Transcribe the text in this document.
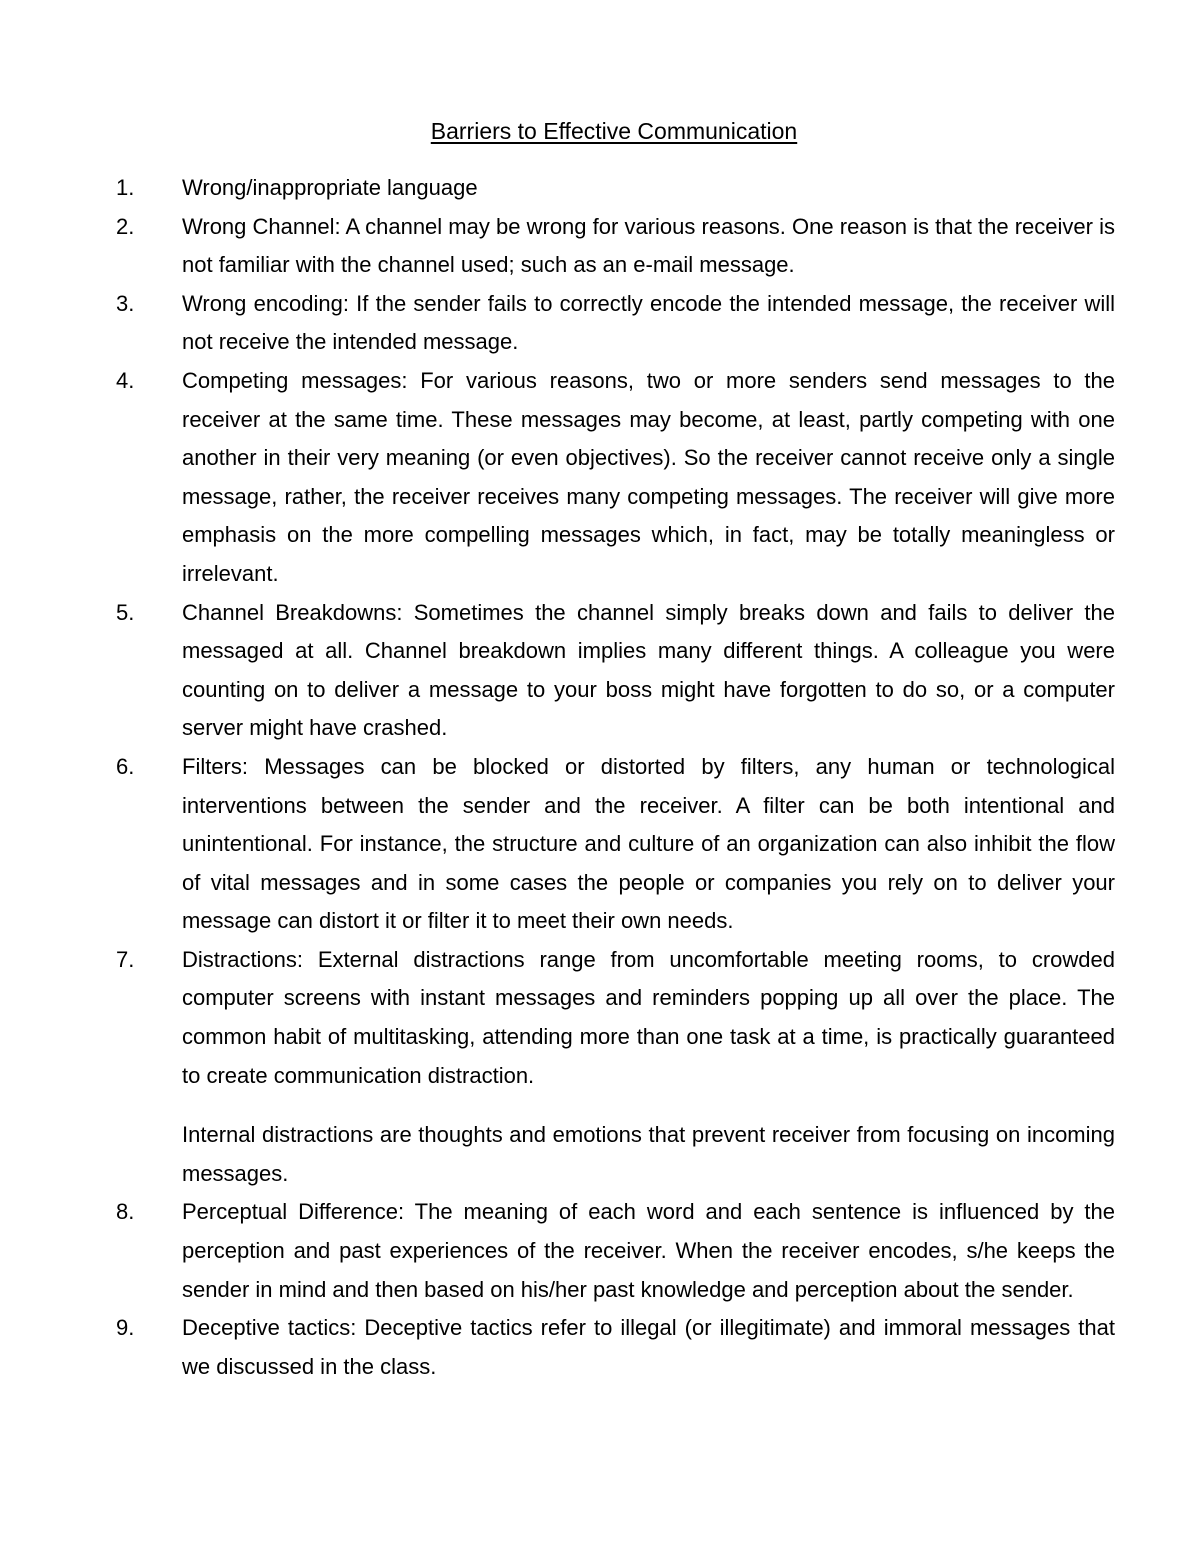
Barriers to Effective Communication
1.	Wrong/inappropriate language
2.	Wrong Channel: A channel may be wrong for various reasons. One reason is that the receiver is not familiar with the channel used; such as an e-mail message.
3.	Wrong encoding: If the sender fails to correctly encode the intended message, the receiver will not receive the intended message.
4.	Competing messages: For various reasons, two or more senders send messages to the receiver at the same time. These messages may become, at least, partly competing with one another in their very meaning (or even objectives). So the receiver cannot receive only a single message, rather, the receiver receives many competing messages. The receiver will give more emphasis on the more compelling messages which, in fact, may be totally meaningless or irrelevant.
5.	Channel Breakdowns: Sometimes the channel simply breaks down and fails to deliver the messaged at all. Channel breakdown implies many different things. A colleague you were counting on to deliver a message to your boss might have forgotten to do so, or a computer server might have crashed.
6.	Filters: Messages can be blocked or distorted by filters, any human or technological interventions between the sender and the receiver. A filter can be both intentional and unintentional. For instance, the structure and culture of an organization can also inhibit the flow of vital messages and in some cases the people or companies you rely on to deliver your message can distort it or filter it to meet their own needs.
7.	Distractions: External distractions range from uncomfortable meeting rooms, to crowded computer screens with instant messages and reminders popping up all over the place. The common habit of multitasking, attending more than one task at a time, is practically guaranteed to create communication distraction.
Internal distractions are thoughts and emotions that prevent receiver from focusing on incoming messages.
8.	Perceptual Difference: The meaning of each word and each sentence is influenced by the perception and past experiences of the receiver. When the receiver encodes, s/he keeps the sender in mind and then based on his/her past knowledge and perception about the sender.
9.	Deceptive tactics: Deceptive tactics refer to illegal (or illegitimate) and immoral messages that we discussed in the class.
